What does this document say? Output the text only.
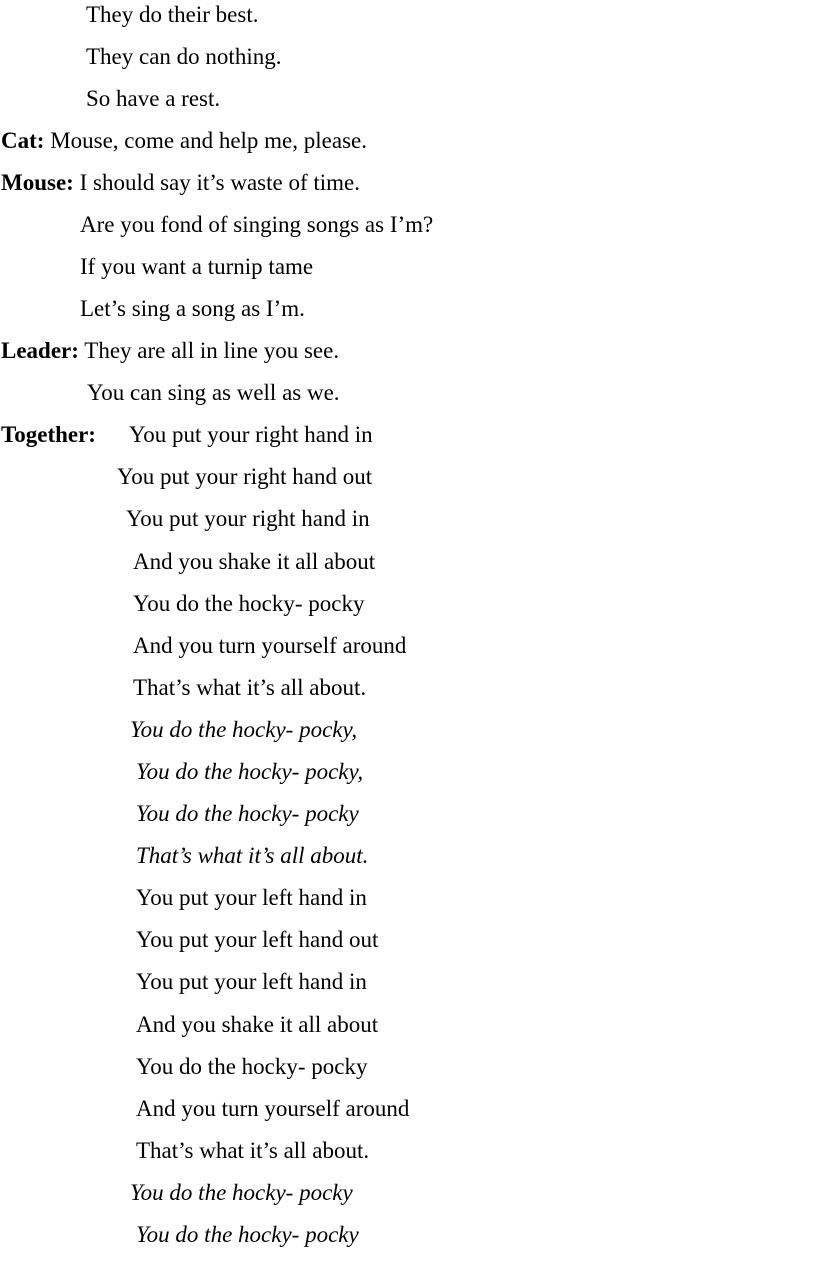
They do their best.
They can do nothing.
So have a rest.
Cat: Mouse, come and help me, please.
Mouse: I should say it’s waste of time.
Are you fond of singing songs as I’m?
If you want a turnip tame
Let’s sing a song as I’m.
Leader: They are all in line you see.
You can sing as well as we.
Together: You put your right hand in
You put your right hand out
You put your right hand in
And you shake it all about
You do the hocky- pocky
And you turn yourself around
That’s what it’s all about.
You do the hocky- pocky,
You do the hocky- pocky,
You do the hocky- pocky
That’s what it’s all about.
You put your left hand in
You put your left hand out
You put your left hand in
And you shake it all about
You do the hocky- pocky
And you turn yourself around
That’s what it’s all about.
You do the hocky- pocky
You do the hocky- pocky
